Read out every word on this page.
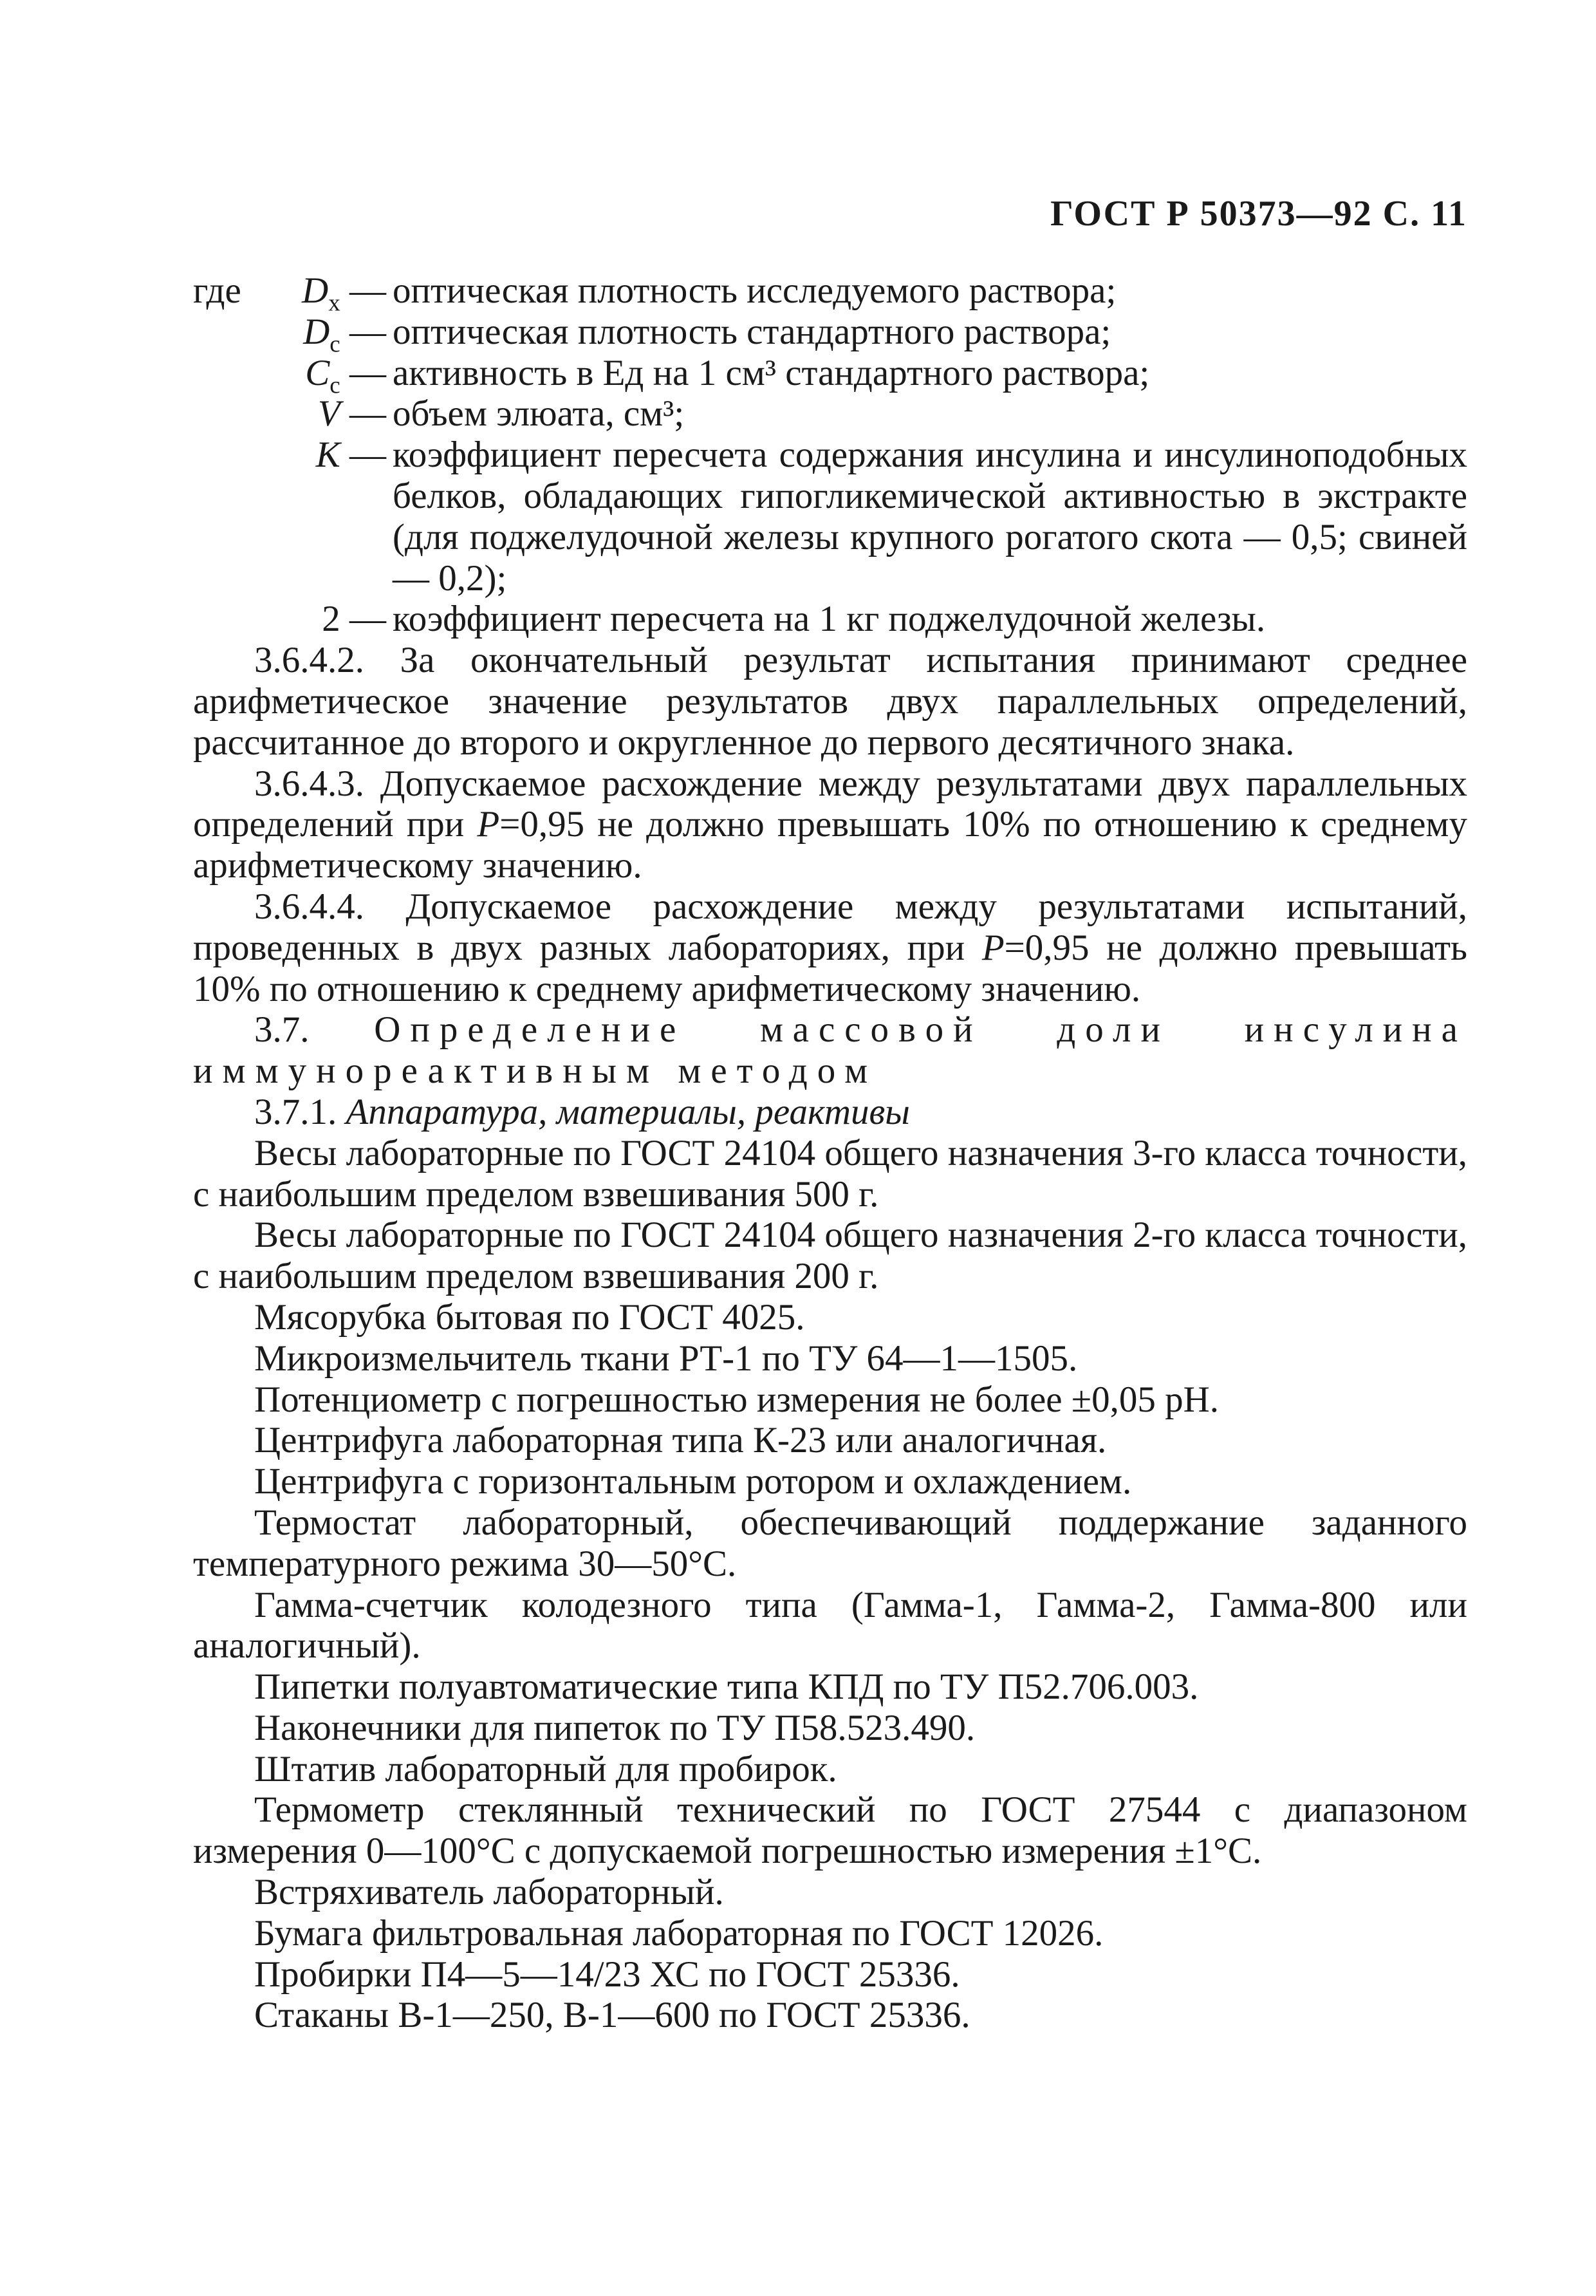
ГОСТ Р 50373—92 С. 11
где $D_x$ —	оптическая плотность исследуемого раствора;
$D_с$ —	оптическая плотность стандартного раствора;
$C_с$ —	активность в Ед на 1 см³ стандартного раствора;
V —	объем элюата, см³;
K —	коэффициент пересчета содержания инсулина и инсулиноподобных белков, обладающих гипогликемической активностью в экстракте (для поджелудочной железы крупного рогатого скота — 0,5; свиней — 0,2);
2 —	коэффициент пересчета на 1 кг поджелудочной железы.

3.6.4.2. За окончательный результат испытания принимают среднее арифметическое значение результатов двух параллельных определений, рассчитанное до второго и округленное до первого десятичного знака.

3.6.4.3. Допускаемое расхождение между результатами двух параллельных определений при P=0,95 не должно превышать 10% по отношению к среднему арифметическому значению.

3.6.4.4. Допускаемое расхождение между результатами испытаний, проведенных в двух разных лабораториях, при P=0,95 не должно превышать 10% по отношению к среднему арифметическому значению.

3.7. Определение массовой доли инсулина иммунореактивным методом

3.7.1. Аппаратура, материалы, реактивы

Весы лабораторные по ГОСТ 24104 общего назначения 3-го класса точности, с наибольшим пределом взвешивания 500 г.

Весы лабораторные по ГОСТ 24104 общего назначения 2-го класса точности, с наибольшим пределом взвешивания 200 г.

Мясорубка бытовая по ГОСТ 4025.

Микроизмельчитель ткани РТ-1 по ТУ 64—1—1505.

Потенциометр с погрешностью измерения не более ±0,05 pH.

Центрифуга лабораторная типа К-23 или аналогичная.

Центрифуга с горизонтальным ротором и охлаждением.

Термостат лабораторный, обеспечивающий поддержание заданного температурного режима 30—50°С.

Гамма-счетчик колодезного типа (Гамма-1, Гамма-2, Гамма-800 или аналогичный).

Пипетки полуавтоматические типа КПД по ТУ П52.706.003.

Наконечники для пипеток по ТУ П58.523.490.

Штатив лабораторный для пробирок.

Термометр стеклянный технический по ГОСТ 27544 с диапазоном измерения 0—100°С с допускаемой погрешностью измерения ±1°С.

Встряхиватель лабораторный.

Бумага фильтровальная лабораторная по ГОСТ 12026.

Пробирки П4—5—14/23 ХС по ГОСТ 25336.

Стаканы В-1—250, В-1—600 по ГОСТ 25336.
